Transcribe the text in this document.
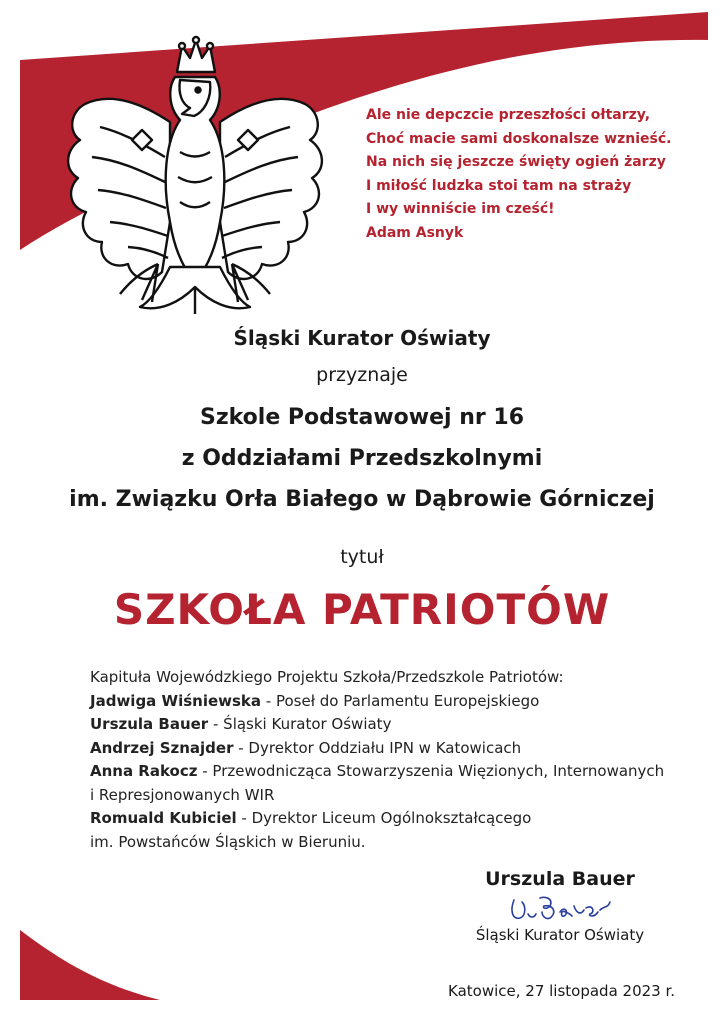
Ale nie depczcie przeszłości ołtarzy,
Choć macie sami doskonalsze wznieść.
Na nich się jeszcze święty ogień żarzy
I miłość ludzka stoi tam na straży
I wy winniście im cześć!
Adam Asnyk
Śląski Kurator Oświaty
przyznaje
Szkole Podstawowej nr 16
z Oddziałami Przedszkolnymi
im. Związku Orła Białego w Dąbrowie Górniczej
tytuł
SZKOŁA PATRIOTÓW
Kapituła Wojewódzkiego Projektu Szkoła/Przedszkole Patriotów:
Jadwiga Wiśniewska - Poseł do Parlamentu Europejskiego
Urszula Bauer - Śląski Kurator Oświaty
Andrzej Sznajder - Dyrektor Oddziału IPN w Katowicach
Anna Rakocz - Przewodnicząca Stowarzyszenia Więzionych, Internowanych
i Represjonowanych WIR
Romuald Kubiciel - Dyrektor Liceum Ogólnokształcącego
im. Powstańców Śląskich w Bieruniu.
Urszula Bauer
Śląski Kurator Oświaty
Katowice, 27 listopada 2023 r.
